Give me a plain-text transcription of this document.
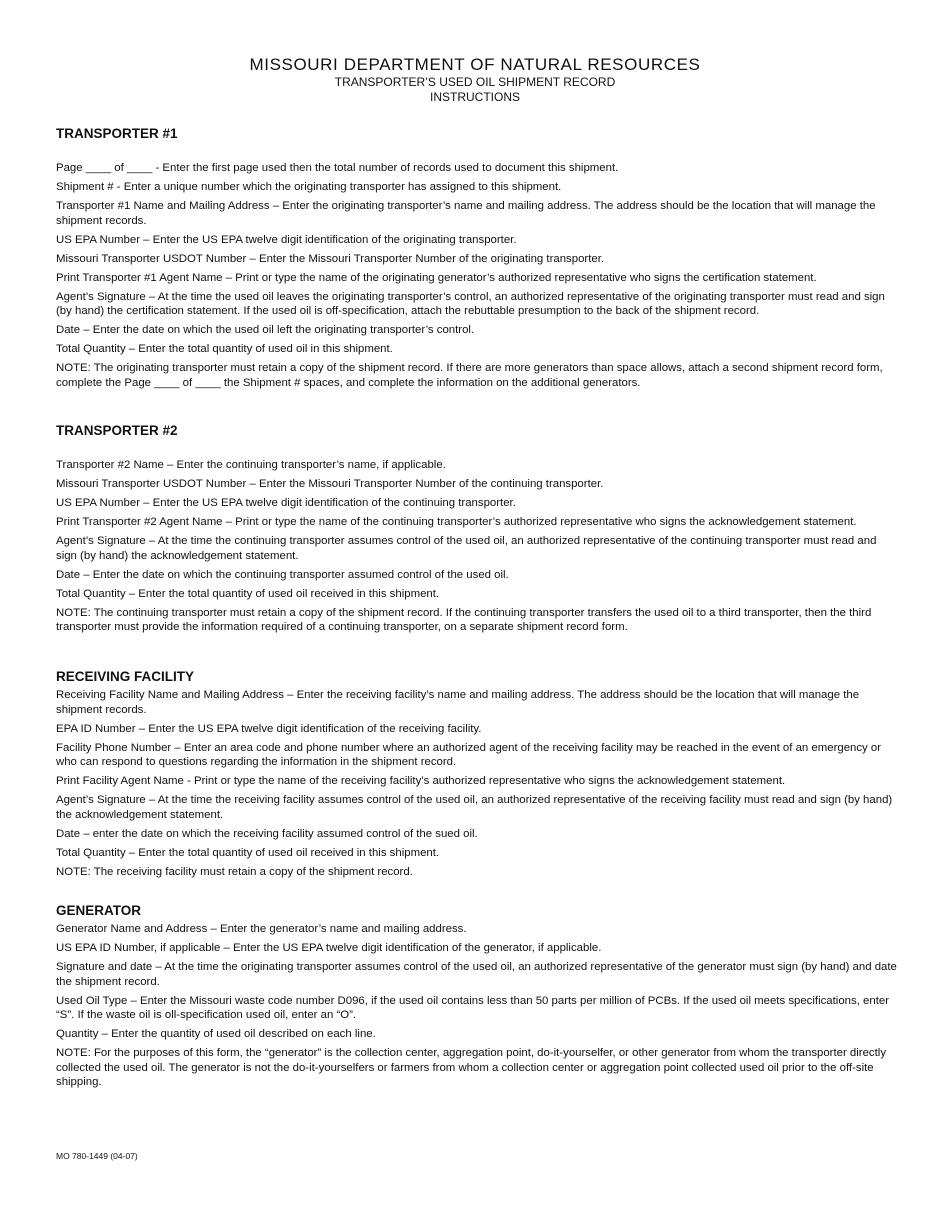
MISSOURI DEPARTMENT OF NATURAL RESOURCES
TRANSPORTER’S USED OIL SHIPMENT RECORD
INSTRUCTIONS
TRANSPORTER #1

Page ____ of ____ - Enter the first page used then the total number of records used to document this shipment.

Shipment # - Enter a unique number which the originating transporter has assigned to this shipment.

Transporter #1 Name and Mailing Address – Enter the originating transporter’s name and mailing address. The address should be the location that will manage the shipment records.

US EPA Number – Enter the US EPA twelve digit identification of the originating transporter.

Missouri Transporter USDOT Number – Enter the Missouri Transporter Number of the originating transporter.

Print Transporter #1 Agent Name – Print or type the name of the originating generator’s authorized representative who signs the certification statement.

Agent’s Signature – At the time the used oil leaves the originating transporter’s control, an authorized representative of the originating transporter must read and sign (by hand) the certification statement. If the used oil is off-specification, attach the rebuttable presumption to the back of the shipment record.

Date – Enter the date on which the used oil left the originating transporter’s control.

Total Quantity – Enter the total quantity of used oil in this shipment.

NOTE: The originating transporter must retain a copy of the shipment record. If there are more generators than space allows, attach a second shipment record form, complete the Page ____ of ____ the Shipment # spaces, and complete the information on the additional generators.

TRANSPORTER #2

Transporter #2 Name – Enter the continuing transporter’s name, if applicable.

Missouri Transporter USDOT Number – Enter the Missouri Transporter Number of the continuing transporter.

US EPA Number – Enter the US EPA twelve digit identification of the continuing transporter.

Print Transporter #2 Agent Name – Print or type the name of the continuing transporter’s authorized representative who signs the acknowledgement statement.

Agent’s Signature – At the time the continuing transporter assumes control of the used oil, an authorized representative of the continuing transporter must read and sign (by hand) the acknowledgement statement.

Date – Enter the date on which the continuing transporter assumed control of the used oil.

Total Quantity – Enter the total quantity of used oil received in this shipment.

NOTE: The continuing transporter must retain a copy of the shipment record. If the continuing transporter transfers the used oil to a third transporter, then the third transporter must provide the information required of a continuing transporter, on a separate shipment record form.

RECEIVING FACILITY

Receiving Facility Name and Mailing Address – Enter the receiving facility’s name and mailing address. The address should be the location that will manage the shipment records.

EPA ID Number – Enter the US EPA twelve digit identification of the receiving facility.

Facility Phone Number – Enter an area code and phone number where an authorized agent of the receiving facility may be reached in the event of an emergency or who can respond to questions regarding the information in the shipment record.

Print Facility Agent Name - Print or type the name of the receiving facility’s authorized representative who signs the acknowledgement statement.

Agent’s Signature – At the time the receiving facility assumes control of the used oil, an authorized representative of the receiving facility must read and sign (by hand) the acknowledgement statement.

Date – enter the date on which the receiving facility assumed control of the sued oil.

Total Quantity – Enter the total quantity of used oil received in this shipment.

NOTE: The receiving facility must retain a copy of the shipment record.

GENERATOR

Generator Name and Address – Enter the generator’s name and mailing address.

US EPA ID Number, if applicable – Enter the US EPA twelve digit identification of the generator, if applicable.

Signature and date – At the time the originating transporter assumes control of the used oil, an authorized representative of the generator must sign (by hand) and date the shipment record.

Used Oil Type – Enter the Missouri waste code number D096, if the used oil contains less than 50 parts per million of PCBs. If the used oil meets specifications, enter “S”. If the waste oil is oll-specification used oil, enter an “O”.

Quantity – Enter the quantity of used oil described on each line.

NOTE: For the purposes of this form, the “generator” is the collection center, aggregation point, do-it-yourselfer, or other generator from whom the transporter directly collected the used oil. The generator is not the do-it-yourselfers or farmers from whom a collection center or aggregation point collected used oil prior to the off-site shipping.

MO 780-1449 (04-07)
